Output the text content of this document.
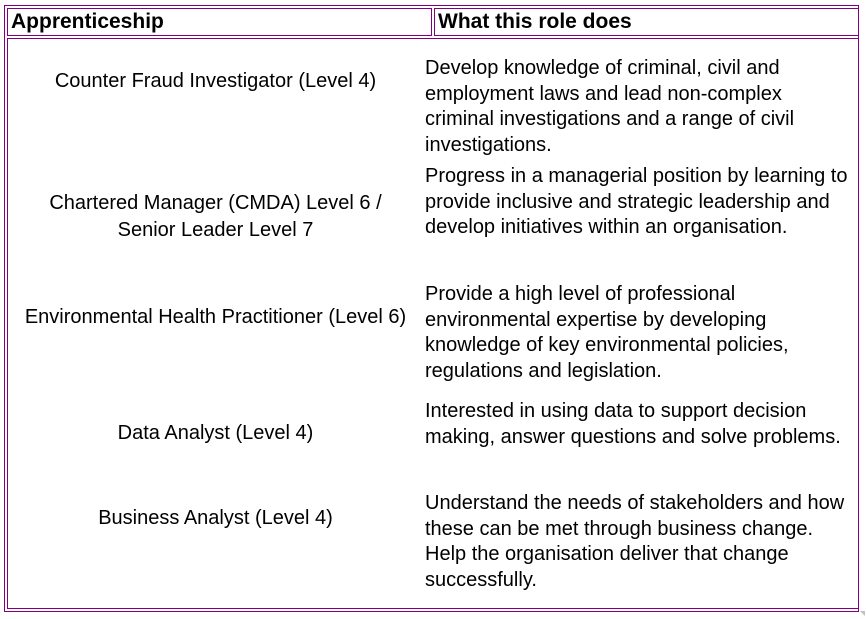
Apprenticeship	What this role does
Counter Fraud Investigator (Level 4)
Develop knowledge of criminal, civil and employment laws and lead non-complex criminal investigations and a range of civil investigations.
Chartered Manager (CMDA) Level 6 / Senior Leader Level 7
Progress in a managerial position by learning to provide inclusive and strategic leadership and develop initiatives within an organisation.
Environmental Health Practitioner (Level 6)
Provide a high level of professional environmental expertise by developing knowledge of key environmental policies, regulations and legislation.
Data Analyst (Level 4)
Interested in using data to support decision making, answer questions and solve problems.
Business Analyst (Level 4)
Understand the needs of stakeholders and how these can be met through business change. Help the organisation deliver that change successfully.
